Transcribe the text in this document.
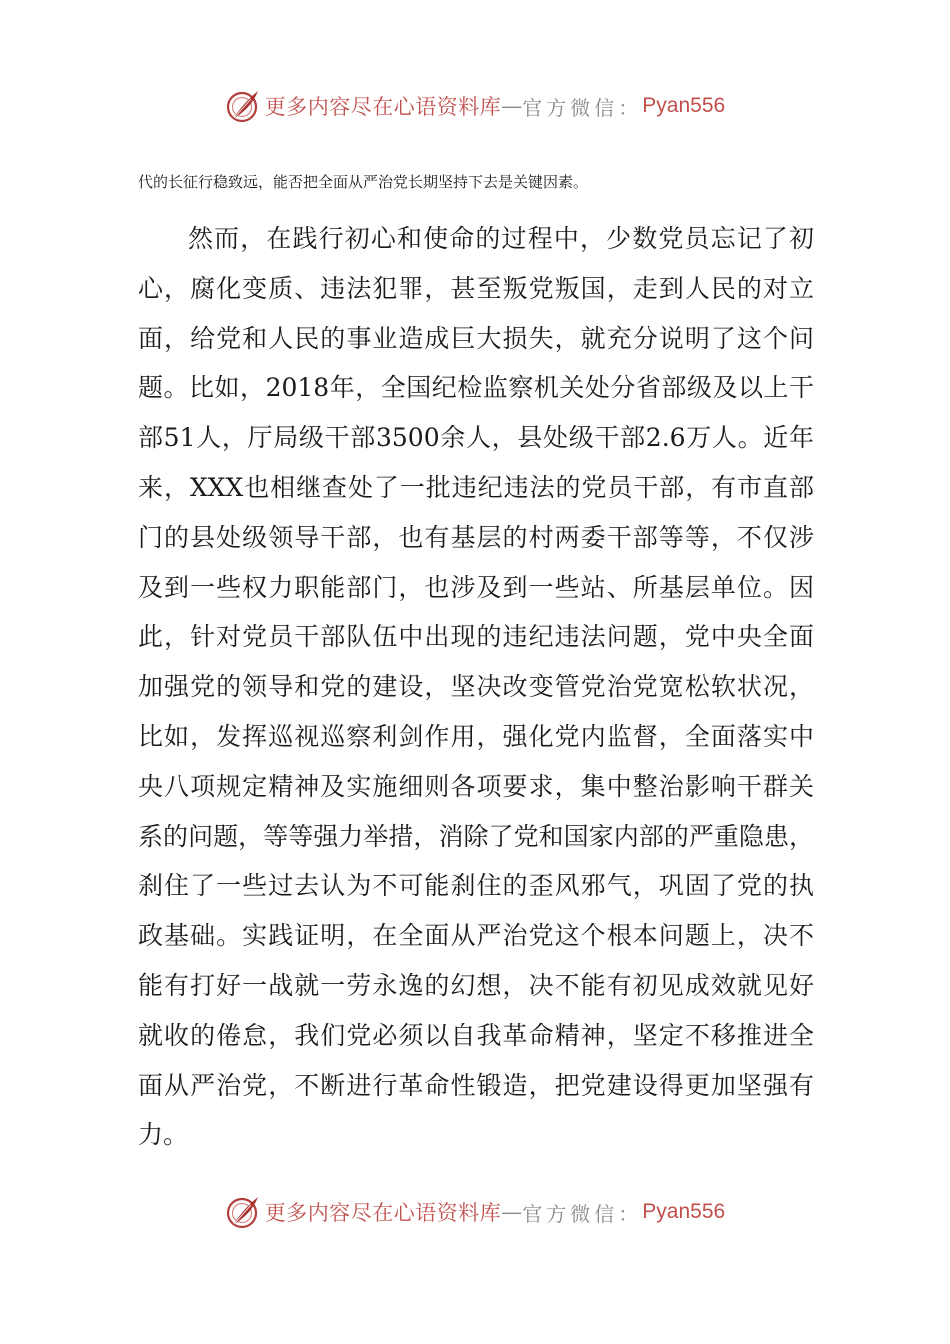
更多内容尽在心语资料库 — 官方微信： Pyan556
代的长征行稳致远，能否把全面从严治党长期坚持下去是关键因素。
然而，在践行初心和使命的过程中，少数党员忘记了初
心，腐化变质、违法犯罪，甚至叛党叛国，走到人民的对立
面，给党和人民的事业造成巨大损失，就充分说明了这个问
题。比如，2018年，全国纪检监察机关处分省部级及以上干
部51人，厅局级干部3500余人，县处级干部2.6万人。近年
来，XXX也相继查处了一批违纪违法的党员干部，有市直部
门的县处级领导干部，也有基层的村两委干部等等，不仅涉
及到一些权力职能部门，也涉及到一些站、所基层单位。因
此，针对党员干部队伍中出现的违纪违法问题，党中央全面
加强党的领导和党的建设，坚决改变管党治党宽松软状况，
比如，发挥巡视巡察利剑作用，强化党内监督，全面落实中
央八项规定精神及实施细则各项要求，集中整治影响干群关
系的问题，等等强力举措，消除了党和国家内部的严重隐患，
刹住了一些过去认为不可能刹住的歪风邪气，巩固了党的执
政基础。实践证明，在全面从严治党这个根本问题上，决不
能有打好一战就一劳永逸的幻想，决不能有初见成效就见好
就收的倦怠，我们党必须以自我革命精神，坚定不移推进全
面从严治党，不断进行革命性锻造，把党建设得更加坚强有
力。
更多内容尽在心语资料库 — 官方微信： Pyan556
